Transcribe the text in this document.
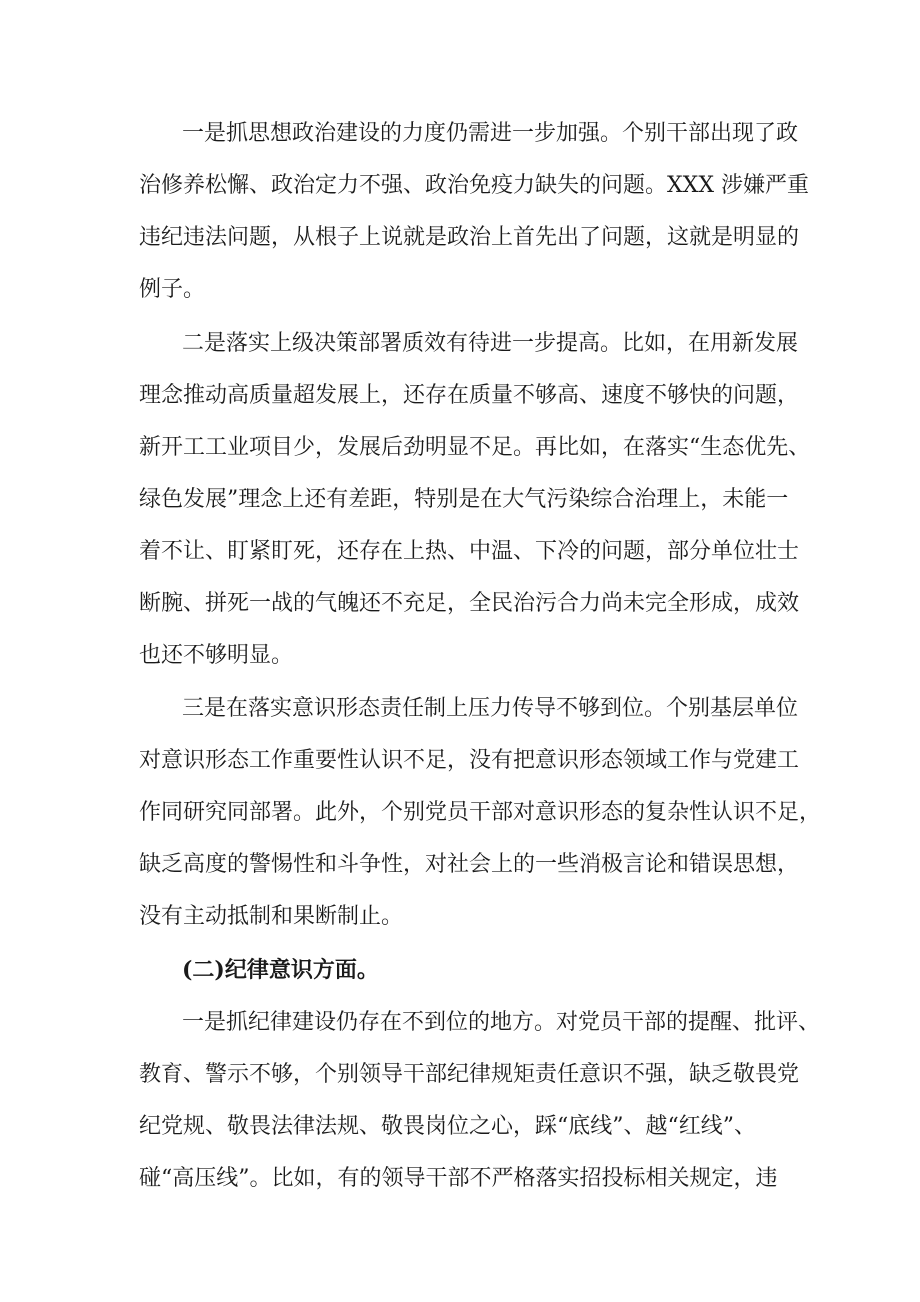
一是抓思想政治建设的力度仍需进一步加强。个别干部出现了政

治修养松懈、政治定力不强、政治免疫力缺失的问题。XXX 涉嫌严重

违纪违法问题，从根子上说就是政治上首先出了问题，这就是明显的

例子。

二是落实上级决策部署质效有待进一步提高。比如，在用新发展

理念推动高质量超发展上，还存在质量不够高、速度不够快的问题，

新开工工业项目少，发展后劲明显不足。再比如，在落实“生态优先、

绿色发展”理念上还有差距，特别是在大气污染综合治理上，未能一

着不让、盯紧盯死，还存在上热、中温、下冷的问题，部分单位壮士

断腕、拼死一战的气魄还不充足，全民治污合力尚未完全形成，成效

也还不够明显。

三是在落实意识形态责任制上压力传导不够到位。个别基层单位

对意识形态工作重要性认识不足，没有把意识形态领域工作与党建工

作同研究同部署。此外，个别党员干部对意识形态的复杂性认识不足，

缺乏高度的警惕性和斗争性，对社会上的一些消极言论和错误思想，

没有主动抵制和果断制止。

(二)纪律意识方面。

一是抓纪律建设仍存在不到位的地方。对党员干部的提醒、批评、

教育、警示不够，个别领导干部纪律规矩责任意识不强，缺乏敬畏党

纪党规、敬畏法律法规、敬畏岗位之心，踩“底线”、越“红线”、

碰“高压线”。比如，有的领导干部不严格落实招投标相关规定，违
